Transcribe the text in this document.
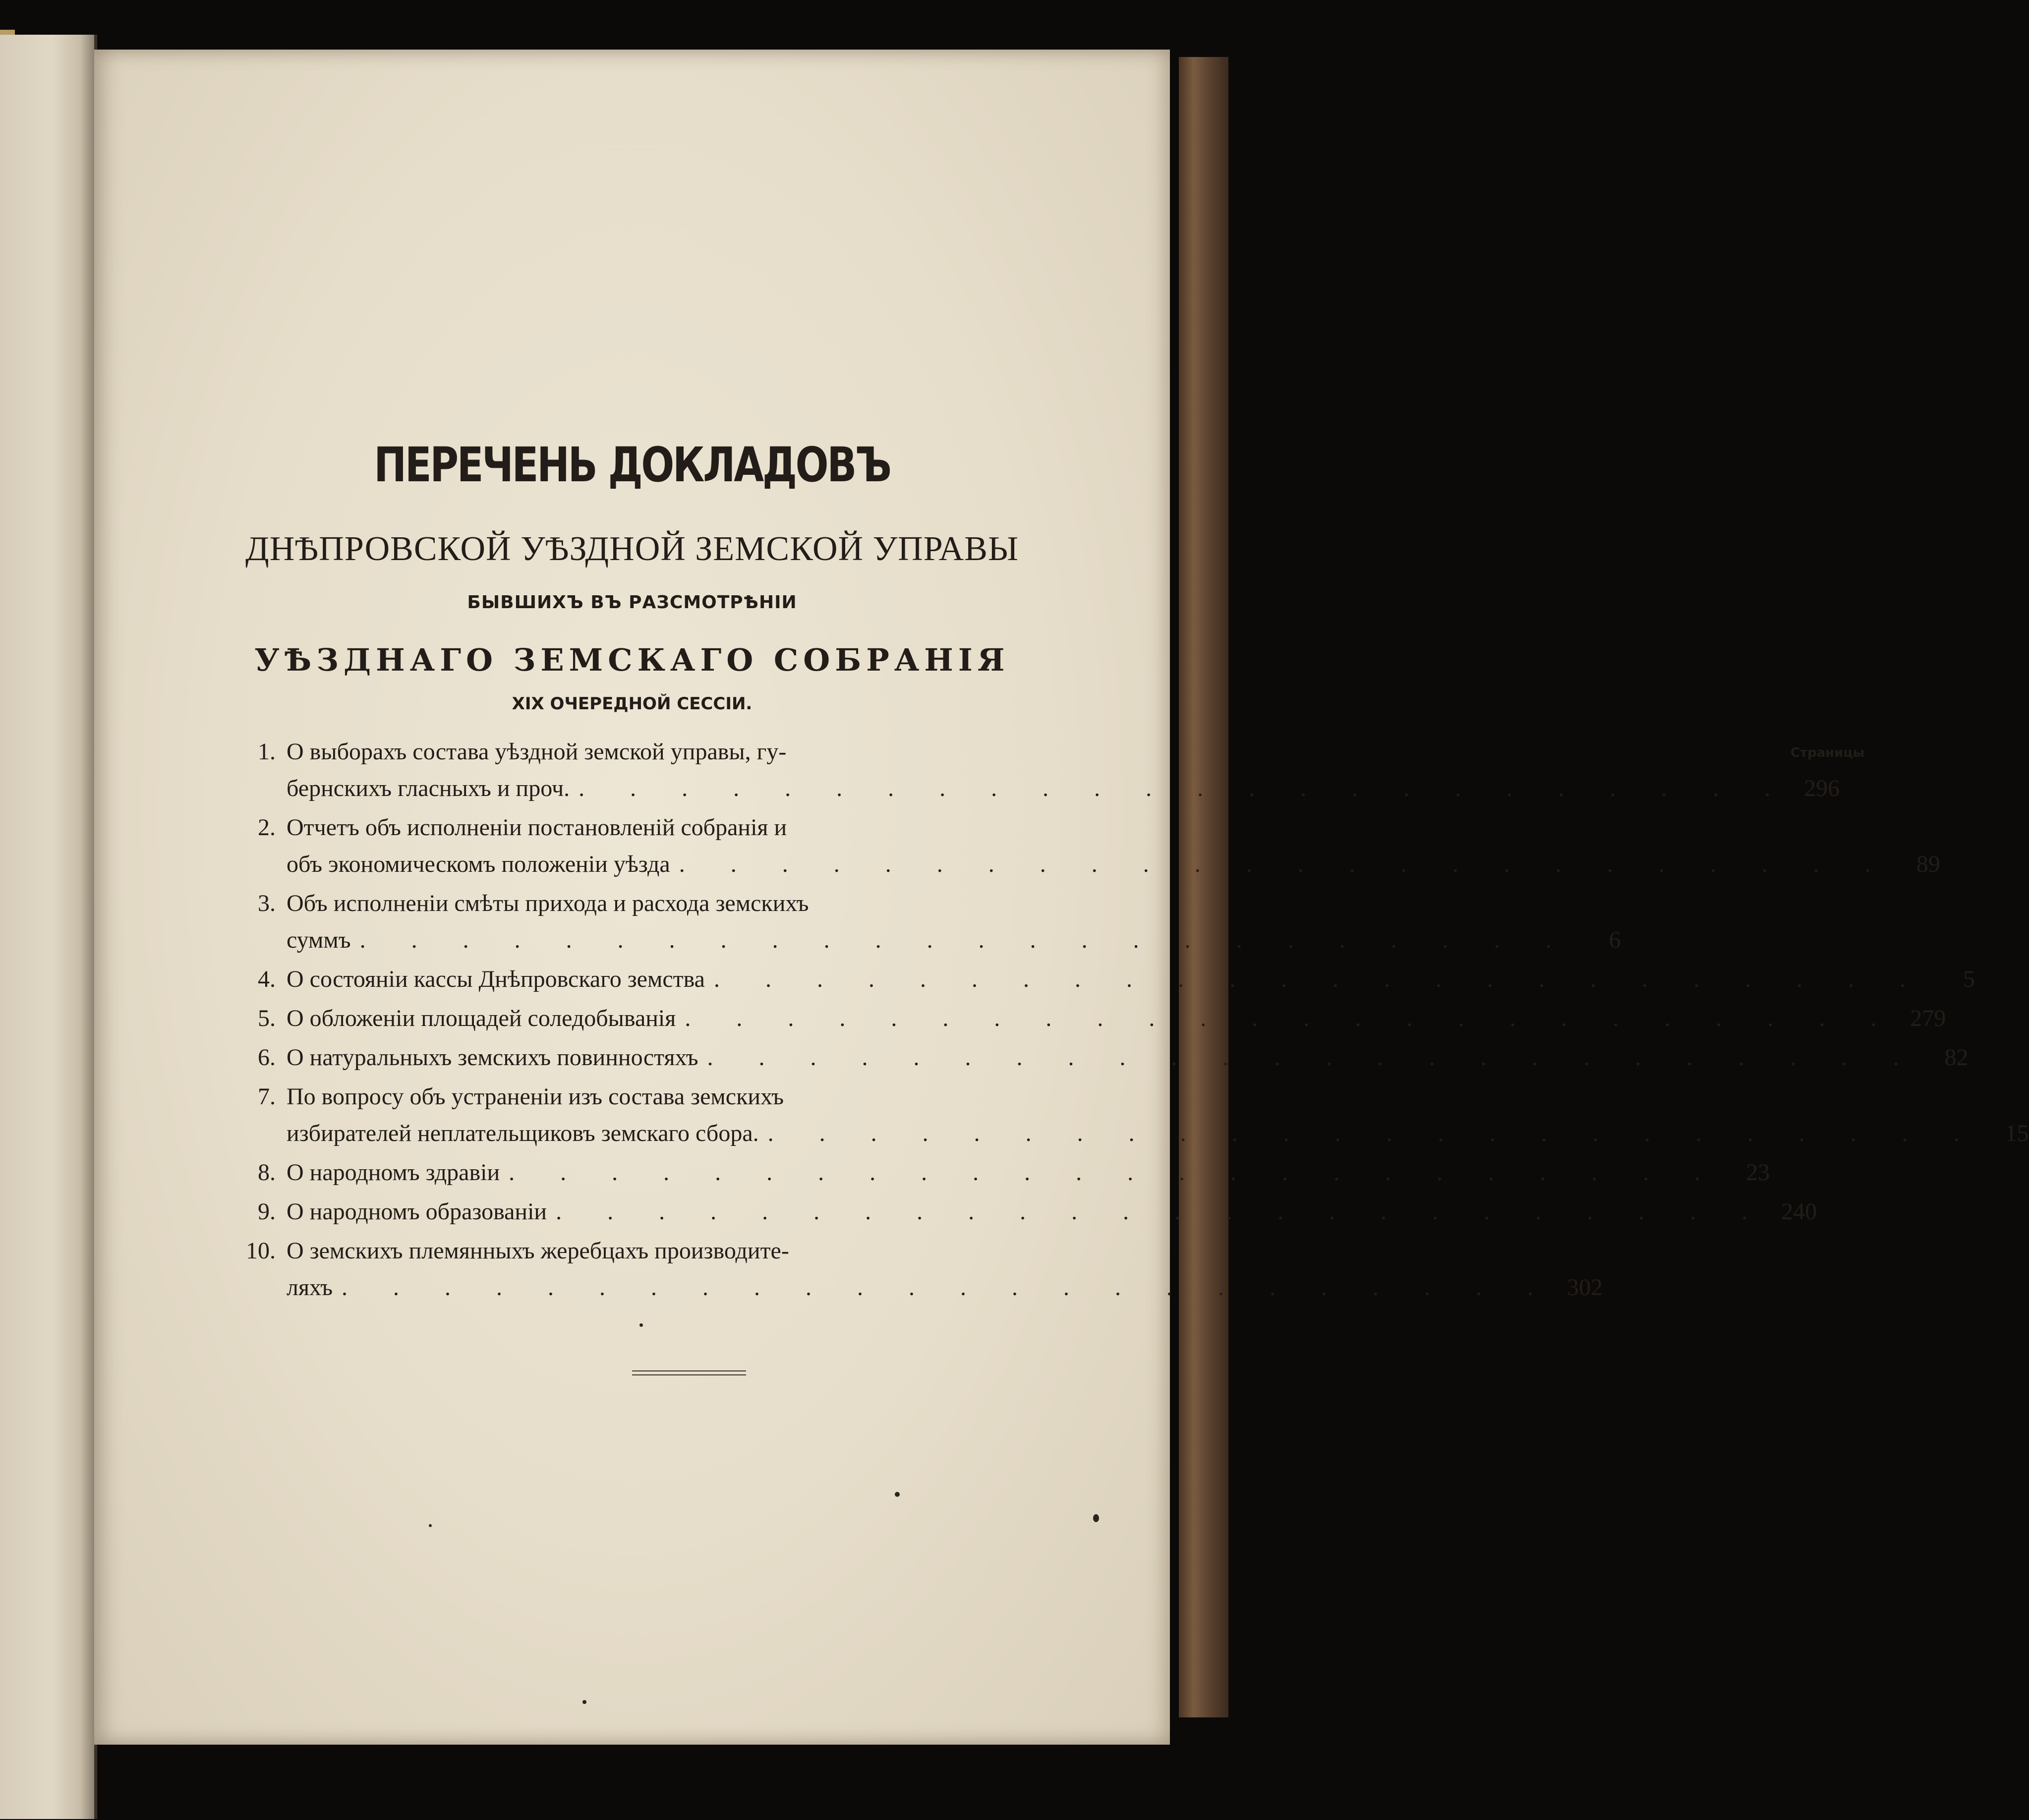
ПЕРЕЧЕНЬ ДОКЛАДОВЪ
ДНѢПРОВСКОЙ УѢЗДНОЙ ЗЕМСКОЙ УПРАВЫ
БЫВШИХЪ ВЪ РАЗСМОТРѢНІИ
УѢЗДНАГО ЗЕМСКАГО СОБРАНІЯ
XIX ОЧЕРЕДНОЙ СЕССІИ.
1. О выборахъ состава уѣздной земской управы, гу-	Страницы
бернскихъ гласныхъ и проч. . . . . . . . . . . . . . . . . . . . . . . . . 296
2. Отчетъ объ исполненіи постановленій собранія и
объ экономическомъ положеніи уѣзда . . . . . . . . . . . . . . . . . . . . . . . .	89
3. Объ исполненіи смѣты прихода и расхода земскихъ
суммъ . . . . . . . . . . . . . . . . . . . . . . . .	6
4. О состояніи кассы Днѣпровскаго земства . . . . . . . . . . . . . . . . . . . . . . . .	5
5. О обложеніи площадей соледобыванія . . . . . . . . . . . . . . . . . . . . . . . . 279
6. О натуральныхъ земскихъ повинностяхъ . . . . . . . . . . . . . . . . . . . . . . . .	82
7. По вопросу объ устраненіи изъ состава земскихъ
избирателей неплательщиковъ земскаго сбора. . . . . . . . . . . . . . . . . . . . . . . . .	15
8. О народномъ здравіи . . . . . . . . . . . . . . . . . . . . . . . .	23
9. О народномъ образованіи . . . . . . . . . . . . . . . . . . . . . . . . 240
10. О земскихъ племянныхъ жеребцахъ производите-
ляхъ . . . . . . . . . . . . . . . . . . . . . . . . 302
